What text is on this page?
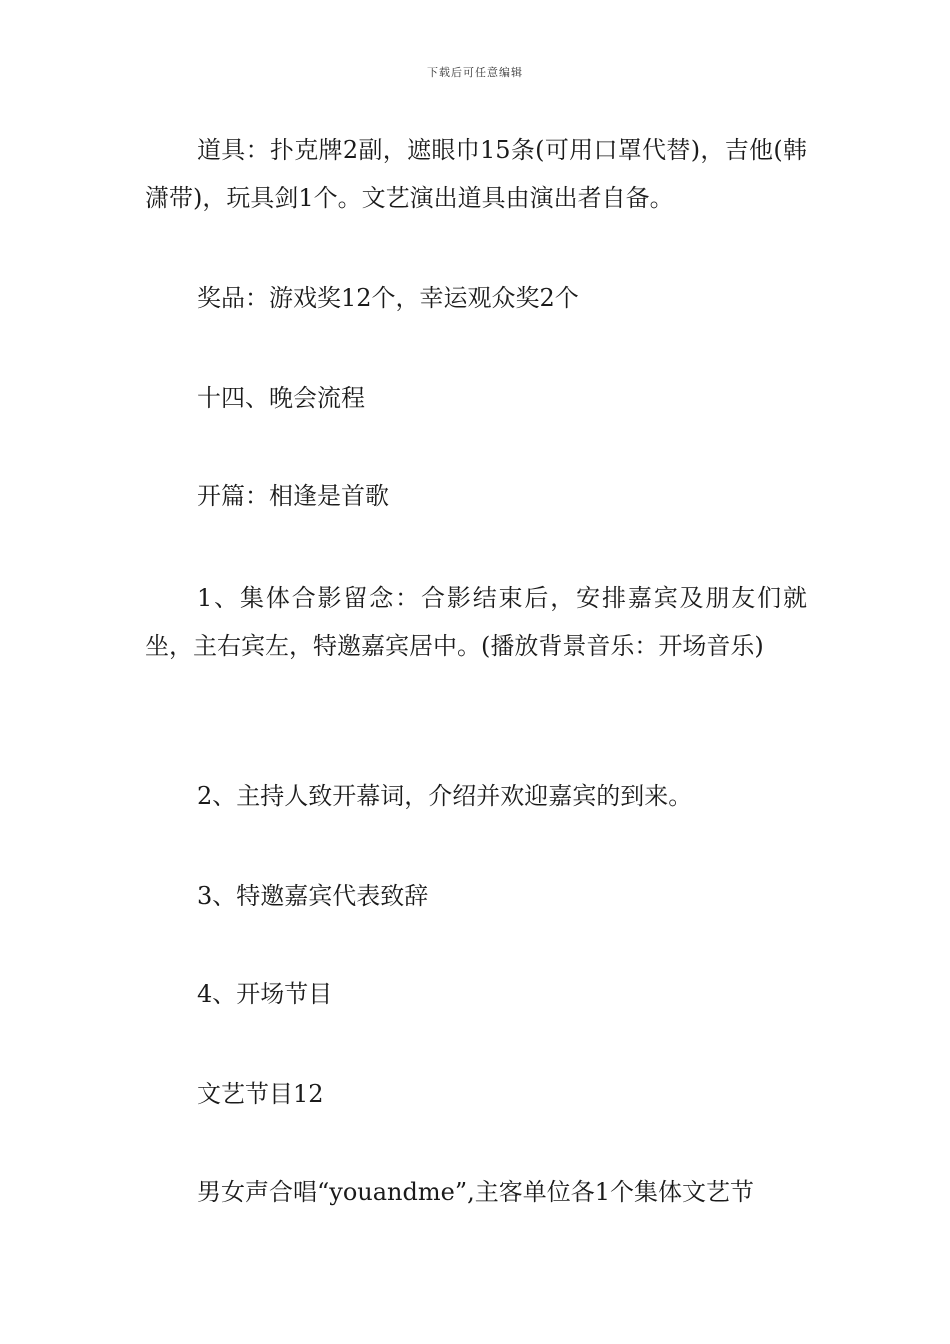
下载后可任意编辑

道具：扑克牌2副，遮眼巾15条(可用口罩代替)，吉他(韩潇带)，玩具剑1个。文艺演出道具由演出者自备。

奖品：游戏奖12个，幸运观众奖2个

十四、晚会流程

开篇：相逢是首歌

1、集体合影留念：合影结束后，安排嘉宾及朋友们就坐，主右宾左，特邀嘉宾居中。(播放背景音乐：开场音乐)

2、主持人致开幕词，介绍并欢迎嘉宾的到来。

3、特邀嘉宾代表致辞

4、开场节目

文艺节目12

男女声合唱“youandme”,主客单位各1个集体文艺节
